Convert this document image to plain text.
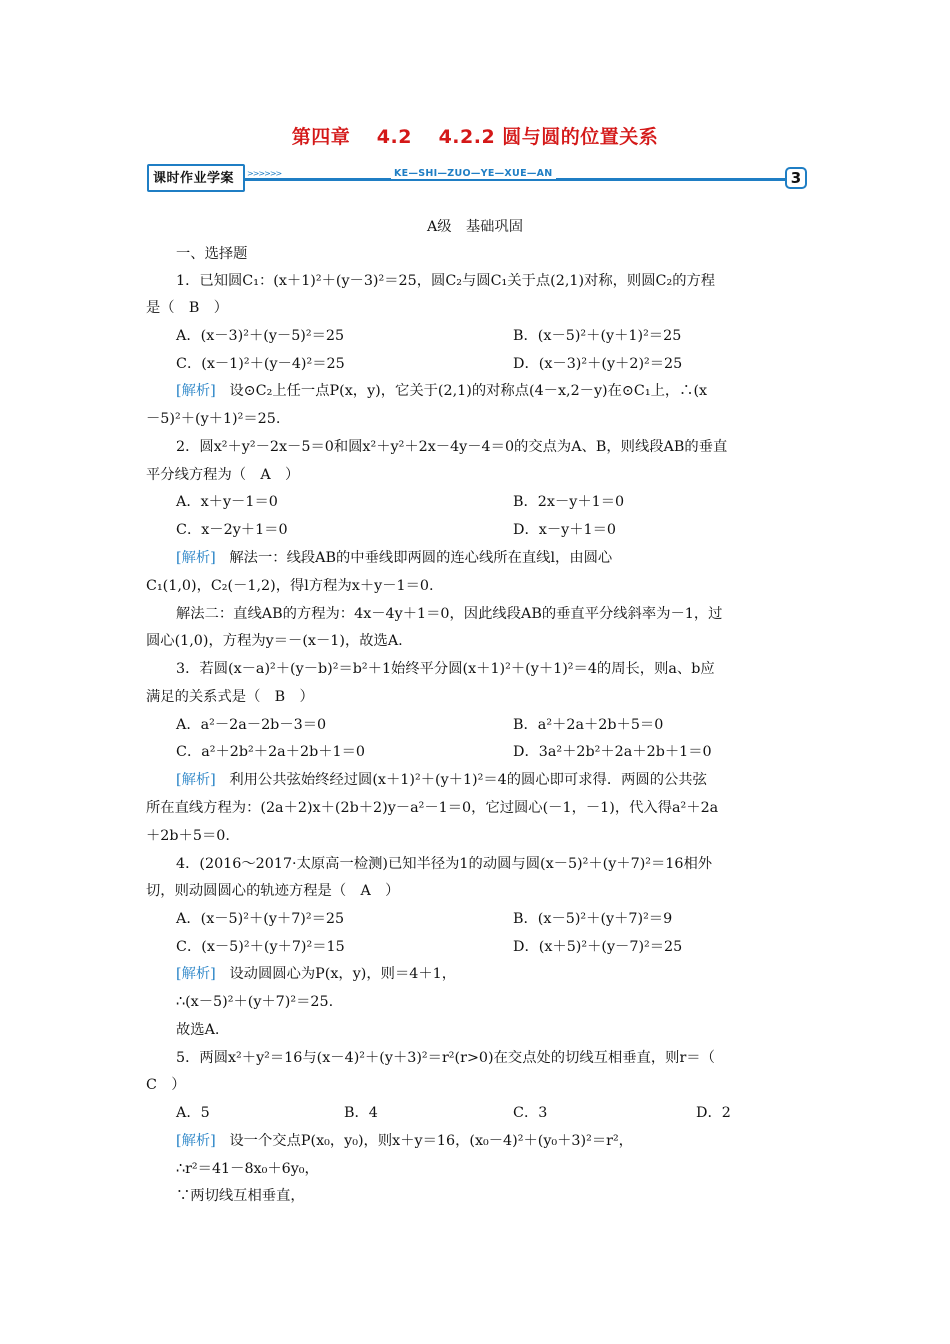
第四章　 4.2　 4.2.2 圆与圆的位置关系
课时作业学案	>>>>>>	KE—SHI—ZUO—YE—XUE—AN	3
A级　基础巩固
一、选择题
1．已知圆C₁：(x＋1)²＋(y－3)²＝25，圆C₂与圆C₁关于点(2,1)对称，则圆C₂的方程
是（　B　）
A．(x－3)²＋(y－5)²＝25	B．(x－5)²＋(y＋1)²＝25
C．(x－1)²＋(y－4)²＝25	D．(x－3)²＋(y＋2)²＝25
[解析] 设⊙C₂上任一点P(x，y)，它关于(2,1)的对称点(4－x,2－y)在⊙C₁上，∴(x
－5)²＋(y＋1)²＝25.
2．圆x²＋y²－2x－5＝0和圆x²＋y²＋2x－4y－4＝0的交点为A、B，则线段AB的垂直
平分线方程为（　A　）
A．x＋y－1＝0	B．2x－y＋1＝0
C．x－2y＋1＝0	D．x－y＋1＝0
[解析] 解法一：线段AB的中垂线即两圆的连心线所在直线l，由圆心
C₁(1,0)，C₂(－1,2)，得l方程为x＋y－1＝0.
解法二：直线AB的方程为：4x－4y＋1＝0，因此线段AB的垂直平分线斜率为－1，过
圆心(1,0)，方程为y＝－(x－1)，故选A.
3．若圆(x－a)²＋(y－b)²＝b²＋1始终平分圆(x＋1)²＋(y＋1)²＝4的周长，则a、b应
满足的关系式是（　B　）
A．a²－2a－2b－3＝0	B．a²＋2a＋2b＋5＝0
C．a²＋2b²＋2a＋2b＋1＝0	D．3a²＋2b²＋2a＋2b＋1＝0
[解析] 利用公共弦始终经过圆(x＋1)²＋(y＋1)²＝4的圆心即可求得．两圆的公共弦
所在直线方程为：(2a＋2)x＋(2b＋2)y－a²－1＝0，它过圆心(－1，－1)，代入得a²＋2a
＋2b＋5＝0.
4．(2016～2017·太原高一检测)已知半径为1的动圆与圆(x－5)²＋(y＋7)²＝16相外
切，则动圆圆心的轨迹方程是（　A　）
A．(x－5)²＋(y＋7)²＝25	B．(x－5)²＋(y＋7)²＝9
C．(x－5)²＋(y＋7)²＝15	D．(x＋5)²＋(y－7)²＝25
[解析] 设动圆圆心为P(x，y)，则＝4＋1，
∴(x－5)²＋(y＋7)²＝25.
故选A.
5．两圆x²＋y²＝16与(x－4)²＋(y＋3)²＝r²(r>0)在交点处的切线互相垂直，则r＝（
C　）
A．5	B．4	C．3	D．2
[解析] 设一个交点P(x₀，y₀)，则x＋y＝16，(x₀－4)²＋(y₀＋3)²＝r²，
∴r²＝41－8x₀＋6y₀，
∵两切线互相垂直，
